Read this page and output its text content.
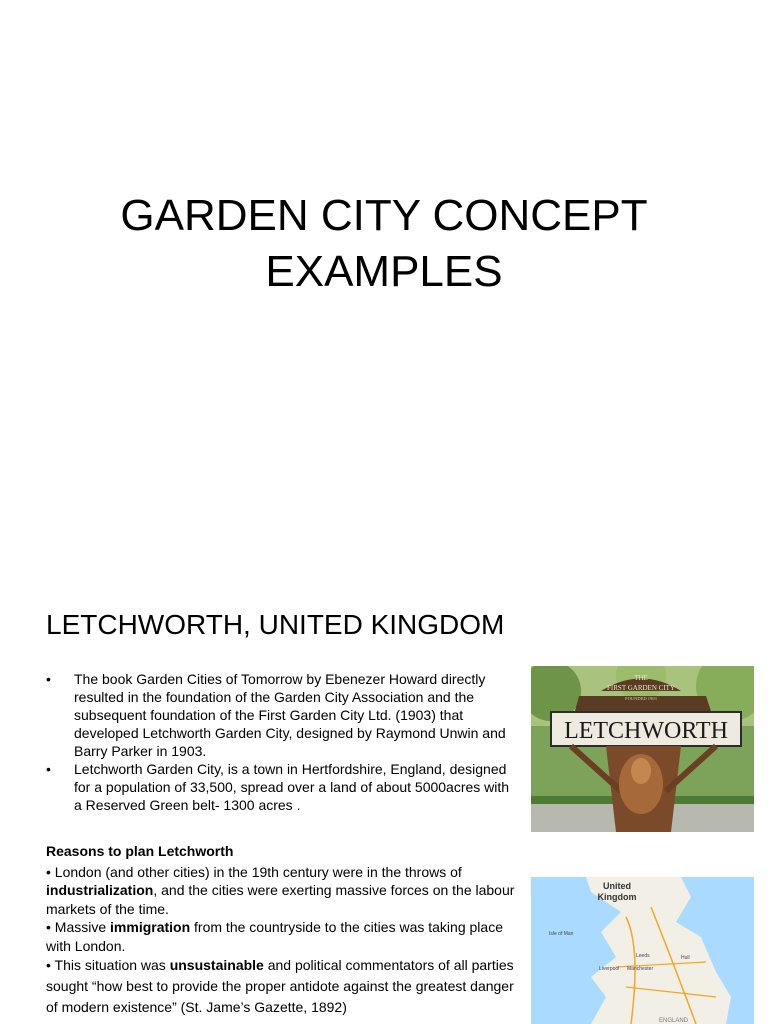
GARDEN CITY CONCEPT
EXAMPLES
LETCHWORTH, UNITED KINGDOM
• The book Garden Cities of Tomorrow by Ebenezer Howard directly resulted in the foundation of the Garden City Association and the subsequent foundation of the First Garden City Ltd. (1903) that developed Letchworth Garden City, designed by Raymond Unwin and Barry Parker in 1903.
• Letchworth Garden City, is a town in Hertfordshire, England, designed for a population of 33,500, spread over a land of about 5000acres with a Reserved Green belt- 1300 acres .
Reasons to plan Letchworth
• London (and other cities) in the 19th century were in the throws of industrialization, and the cities were exerting massive forces on the labour markets of the time.
• Massive immigration from the countryside to the cities was taking place with London.
• This situation was unsustainable and political commentators of all parties sought “how best to provide the proper antidote against the greatest danger of modern existence” (St. Jame’s Gazette, 1892)
THE
FIRST GARDEN CITY
FOUNDED 1903
LETCHWORTH
United
Kingdom
Isle of Man
Liverpool Manchester
Leeds	Hull
ENGLAND
